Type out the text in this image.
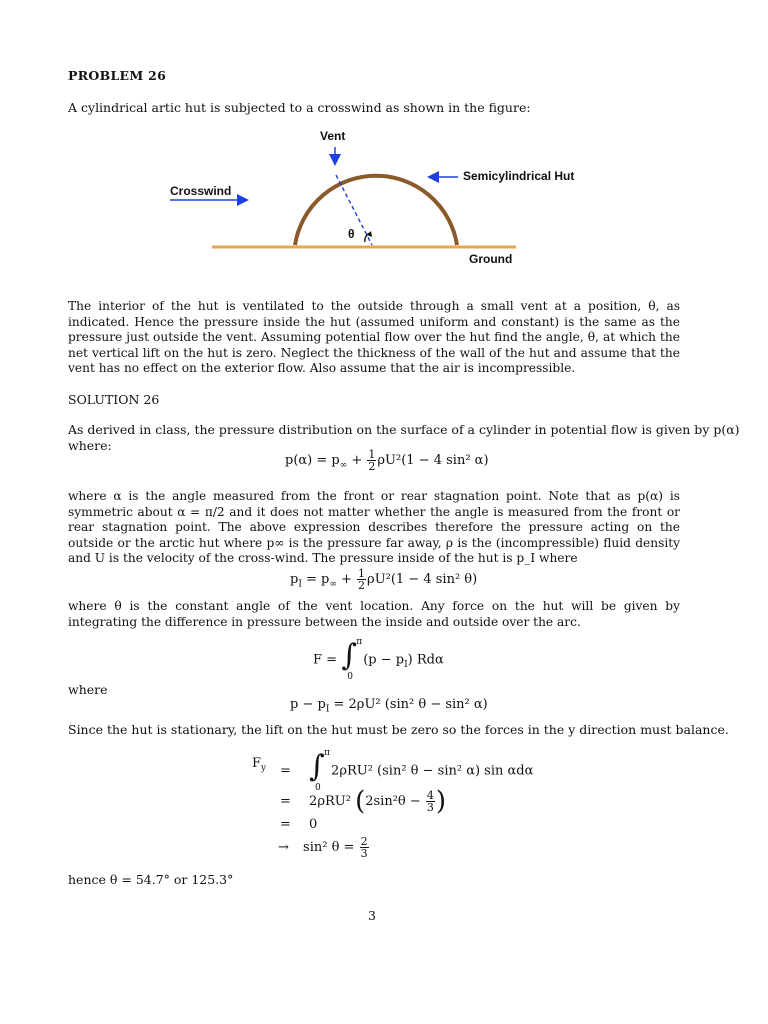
PROBLEM 26
A cylindrical artic hut is subjected to a crosswind as shown in the figure:
Vent
Semicylindrical Hut
Crosswind
Ground
θ
The interior of the hut is ventilated to the outside through a small vent at a position, θ, as indicated. Hence the pressure inside the hut (assumed uniform and constant) is the same as the pressure just outside the vent. Assuming potential flow over the hut find the angle, θ, at which the net vertical lift on the hut is zero. Neglect the thickness of the wall of the hut and assume that the vent has no effect on the exterior flow. Also assume that the air is incompressible.
SOLUTION 26
As derived in class, the pressure distribution on the surface of a cylinder in potential flow is given by p(α) where:
$p(\alpha) = p_\infty + \frac{1}{2} \rho U^2(1 - 4$ sin² α)
where α is the angle measured from the front or rear stagnation point. Note that as p(α) is symmetric about α = π/2 and it does not matter whether the angle is measured from the front or rear stagnation point. The above expression describes therefore the pressure acting on the outside or the arctic hut where p∞ is the pressure far away, ρ is the (incompressible) fluid density and U is the velocity of the cross-wind. The pressure inside of the hut is p_I where
$p_I = p_\infty + \frac{1}{2} \rho U^2(1 - 4$ sin² θ)
where θ is the constant angle of the vent location. Any force on the hut will be given by integrating the difference in pressure between the inside and outside over the arc.
F = ∫ π
0
$(p - p_I)$ Rdα
where
$p - p_I = 2\rho U^2$ (sin² θ − sin² α)
Since the hut is stationary, the lift on the hut must be zero so the forces in the y direction must balance.
$F_y$ = ∫ π
0
2ρRU² (sin² θ − sin² α) sin αdα
= 2ρRU² ($2\sin^2\theta - \frac{4}{3}$ )
= 0
→ sin² $\theta = \frac{2}{3}$
hence θ = 54.7° or 125.3°
3
